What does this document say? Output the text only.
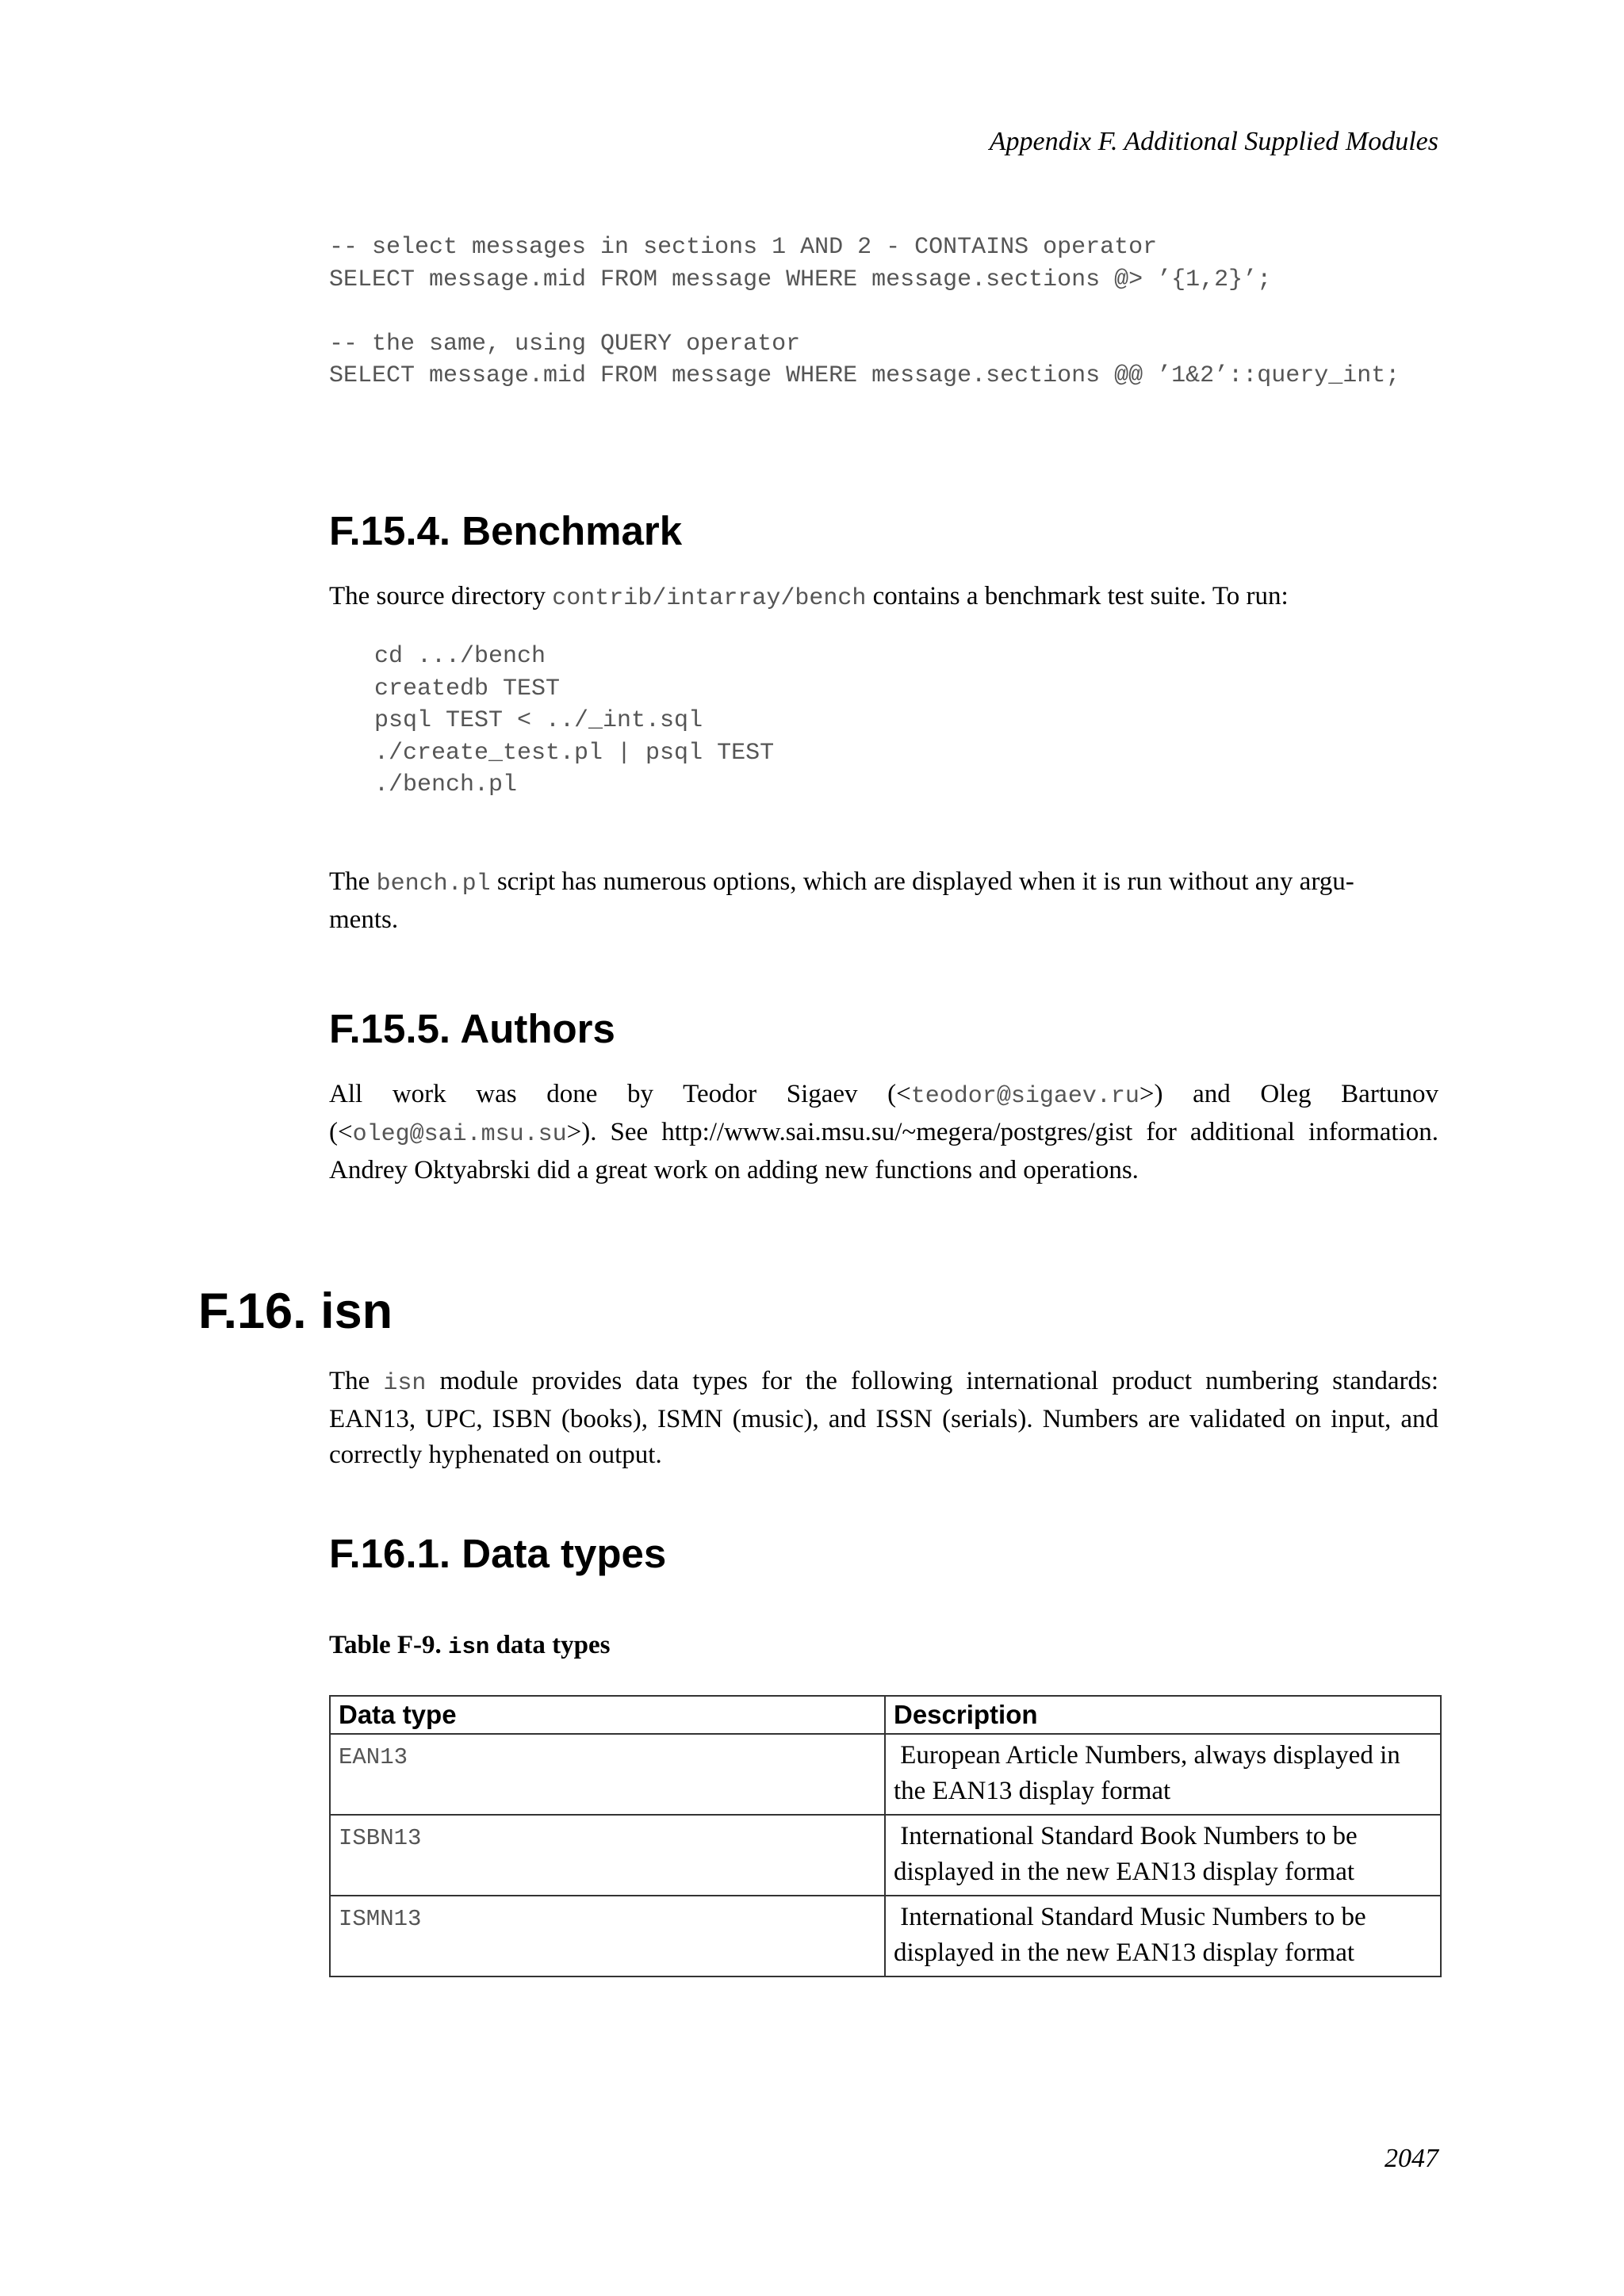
Appendix F. Additional Supplied Modules
-- select messages in sections 1 AND 2 - CONTAINS operator
SELECT message.mid FROM message WHERE message.sections @> ’{1,2}’;
-- the same, using QUERY operator
SELECT message.mid FROM message WHERE message.sections @@ ’1&2’::query_int;
F.15.4. Benchmark

The source directory contrib/intarray/bench contains a benchmark test suite. To run:

cd .../bench
createdb TEST
psql TEST < ../_int.sql
./create_test.pl | psql TEST
./bench.pl

The bench.pl script has numerous options, which are displayed when it is run without any argu-
ments.

F.15.5. Authors

All work was done by Teodor Sigaev (<teodor@sigaev.ru>) and Oleg Bartunov (<oleg@sai.msu.su>). See http://www.sai.msu.su/~megera/postgres/gist for additional information. Andrey Oktyabrski did a great work on adding new functions and operations.

F.16. isn

The isn module provides data types for the following international product numbering standards: EAN13, UPC, ISBN (books), ISMN (music), and ISSN (serials). Numbers are validated on input, and correctly hyphenated on output.

F.16.1. Data types

Table F-9. isn data types

Data type	Description
EAN13	European Article Numbers, always displayed in
the EAN13 display format
ISBN13	International Standard Book Numbers to be
displayed in the new EAN13 display format
ISMN13	International Standard Music Numbers to be
displayed in the new EAN13 display format
2047
